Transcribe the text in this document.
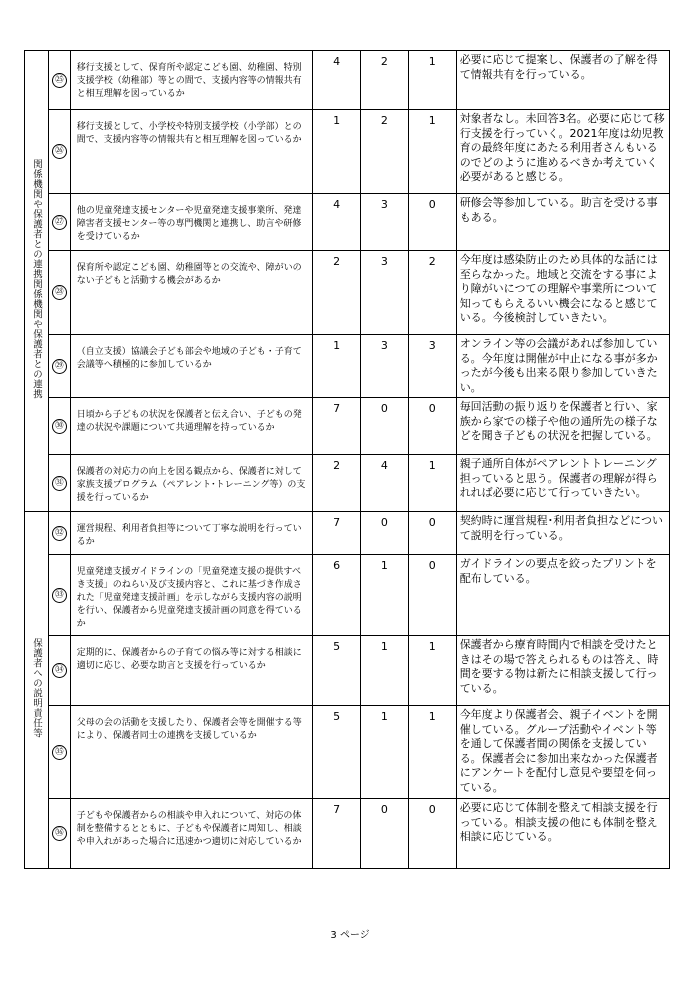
関係機関や保護者との連携関係機関や保護者との連携	㉕	移行支援として、保育所や認定こども園、幼稚園、特別支援学校（幼稚部）等との間で、支援内容等の情報共有と相互理解を図っているか	4	2	1	必要に応じて提案し、保護者の了解を得て情報共有を行っている。
	㉖	移行支援として、小学校や特別支援学校（小学部）との間で、支援内容等の情報共有と相互理解を図っているか	1	2	1	対象者なし。未回答3名。必要に応じて移行支援を行っていく。2021年度は幼児教育の最終年度にあたる利用者さんもいるのでどのように進めるべきか考えていく必要があると感じる。
	㉗	他の児童発達支援センターや児童発達支援事業所、発達障害者支援センター等の専門機関と連携し、助言や研修を受けているか	4	3	0	研修会等参加している。助言を受ける事もある。
	㉘	保育所や認定こども園、幼稚園等との交流や、障がいのない子どもと活動する機会があるか	2	3	2	今年度は感染防止のため具体的な話には至らなかった。地域と交流をする事により障がいにつての理解や事業所について知ってもらえるいい機会になると感じている。今後検討していきたい。
	㉙	（自立支援）協議会子ども部会や地域の子ども・子育て会議等へ積極的に参加しているか	1	3	3	オンライン等の会議があれば参加している。今年度は開催が中止になる事が多かったが今後も出来る限り参加していきたい。
	㉚	日頃から子どもの状況を保護者と伝え合い、子どもの発達の状況や課題について共通理解を持っているか	7	0	0	毎回活動の振り返りを保護者と行い、家族から家での様子や他の通所先の様子などを聞き子どもの状況を把握している。
	㉛	保護者の対応力の向上を図る観点から、保護者に対して家族支援プログラム（ペアレント･トレーニング等）の支援を行っているか	2	4	1	親子通所自体がペアレントトレーニング担っていると思う。保護者の理解が得られれば必要に応じて行っていきたい。
保護者への説明責任等	㉜	運営規程、利用者負担等について丁寧な説明を行っているか	7	0	0	契約時に運営規程･利用者負担などについて説明を行っている。
	㉝	児童発達支援ガイドラインの「児童発達支援の提供すべき支援」のねらい及び支援内容と、これに基づき作成された「児童発達支援計画」を示しながら支援内容の説明を行い、保護者から児童発達支援計画の同意を得ているか	6	1	0	ガイドラインの要点を絞ったプリントを配布している。
	㉞	定期的に、保護者からの子育ての悩み等に対する相談に適切に応じ、必要な助言と支援を行っているか	5	1	1	保護者から療育時間内で相談を受けたときはその場で答えられるものは答え、時間を要する物は新たに相談支援して行っている。
	㉟	父母の会の活動を支援したり、保護者会等を開催する等により、保護者同士の連携を支援しているか	5	1	1	今年度より保護者会、親子イベントを開催している。グループ活動やイベント等を通して保護者間の関係を支援している。保護者会に参加出来なかった保護者にアンケートを配付し意見や要望を伺っている。
	㊱	子どもや保護者からの相談や申入れについて、対応の体制を整備するとともに、子どもや保護者に周知し、相談や申入れがあった場合に迅速かつ適切に対応しているか	7	0	0	必要に応じて体制を整えて相談支援を行っている。相談支援の他にも体制を整え相談に応じている。
3 ページ
